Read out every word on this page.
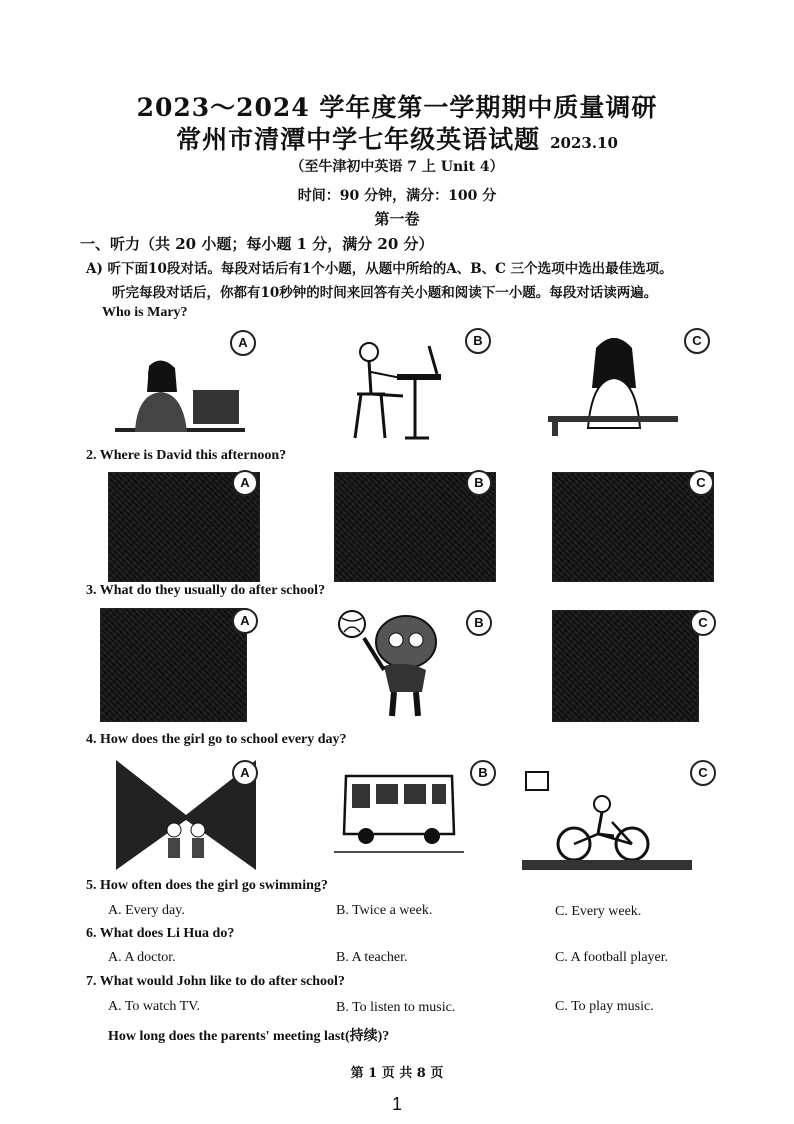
2023～2024 学年度第一学期期中质量调研
常州市清潭中学七年级英语试题 2023.10
（至牛津初中英语 7 上 Unit 4）
时间：90 分钟，满分：100 分
第一卷
一、听力（共 20 小题；每小题 1 分，满分 20 分）
A) 听下面10段对话。每段对话后有1个小题，从题中所给的A、B、C 三个选项中选出最佳选项。
听完每段对话后，你都有10秒钟的时间来回答有关小题和阅读下一小题。每段对话读两遍。
Who is Mary?
A	B	C
2. Where is David this afternoon?
A	B	C
3. What do they usually do after school?
A	B	C
4. How does the girl go to school every day?
A	B	C
5. How often does the girl go swimming?
A. Every day.	B. Twice a week.	C. Every week.
6. What does Li Hua do?
A. A doctor.	B. A teacher.	C. A football player.
7. What would John like to do after school?
A. To watch TV.	B. To listen to music.	C. To play music.
How long does the parents' meeting last(持续)?
第 1 页 共 8 页
1
